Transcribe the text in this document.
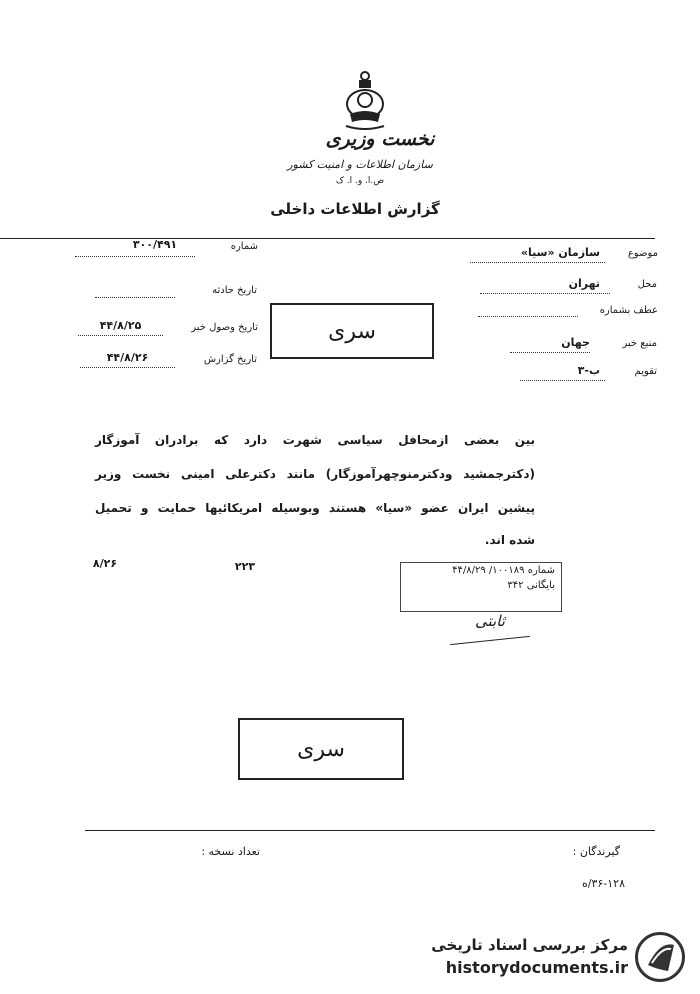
نخست وزیری
سازمان اطلاعات و امنیت کشور
ص.ا. و. ا. ک
گزارش اطلاعات داخلی
شماره
۳۰۰/۴۹۱
تاریخ حادثه
تاریخ وصول خبر
۴۴/۸/۲۵
تاریخ گزارش
۴۴/۸/۲۶
سری
موضوع
سازمان «سیا»
محل
تهران
عطف بشماره
منبع خبر
جهان
تقویم
ب-۳
بین بعضی ازمحافل سیاسی شهرت دارد که برادران آموزگار
(دکترجمشید ودکترمنوچهرآموزگار) مانند دکترعلی امینی نخست وزیر
پیشین ایران عضو «سیا» هستند وبوسیله امریکائیها حمایت و تحمیل
شده اند.
۸/۲۶	۲۲۳	شماره ۱۰۰۱۸۹/ ۴۴/۸/۲۹
بایگانی ۳۴۲
ثابتی
سری
گیرندگان :
تعداد نسخه :
۳۶-۱۲۸/ه
مرکز بررسی اسناد تاریخی
historydocuments.ir
